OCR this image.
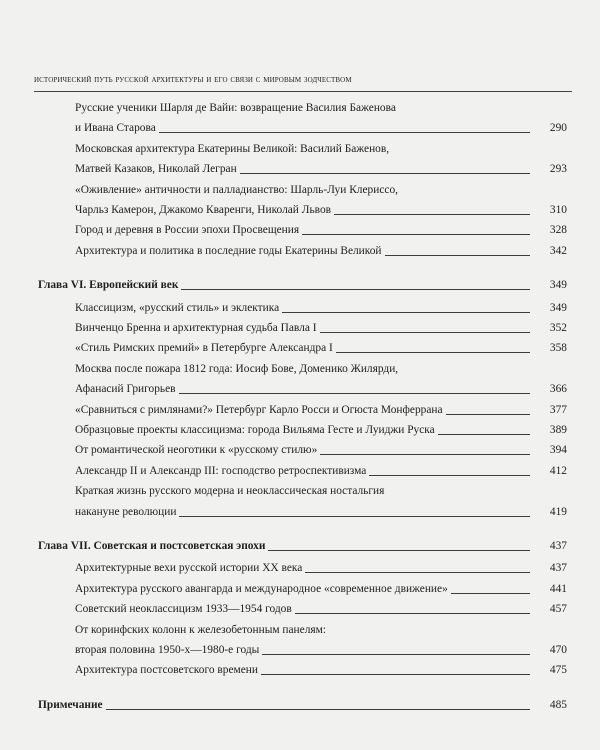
исторический путь русской архитектуры и его связи с мировым зодчеством
Русские ученики Шарля де Вайи: возвращение Василия Баженова
и Ивана Старова	290
Московская архитектура Екатерины Великой: Василий Баженов,
Матвей Казаков, Николай Легран	293
«Оживление» античности и палладианство: Шарль-Луи Клериссо,
Чарльз Камерон, Джакомо Кваренги, Николай Львов	310
Город и деревня в России эпохи Просвещения	328
Архитектура и политика в последние годы Екатерины Великой	342
Глава VI. Европейский век	349
Классицизм, «русский стиль» и эклектика	349
Винченцо Бренна и архитектурная судьба Павла I	352
«Стиль Римских премий» в Петербурге Александра I	358
Москва после пожара 1812 года: Иосиф Бове, Доменико Жилярди,
Афанасий Григорьев	366
«Сравниться с римлянами?» Петербург Карло Росси и Огюста Монферрана	377
Образцовые проекты классицизма: города Вильяма Гесте и Луиджи Руска	389
От романтической неоготики к «русскому стилю»	394
Александр II и Александр III: господство ретроспективизма	412
Краткая жизнь русского модерна и неоклассическая ностальгия
накануне революции	419
Глава VII. Советская и постсоветская эпохи	437
Архитектурные вехи русской истории XX века	437
Архитектура русского авангарда и международное «современное движение»	441
Советский неоклассицизм 1933—1954 годов	457
От коринфских колонн к железобетонным панелям:
вторая половина 1950-х—1980-е годы	470
Архитектура постсоветского времени	475
Примечание	485
